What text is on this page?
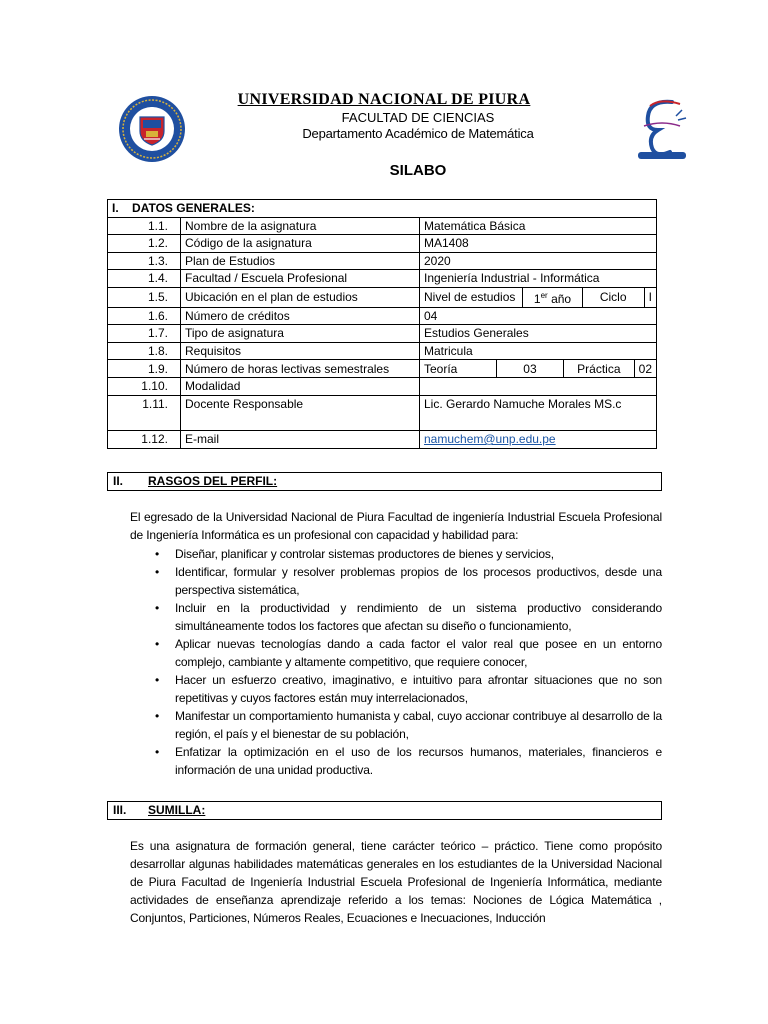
UNIVERSIDAD NACIONAL DE PIURA
FACULTAD DE CIENCIAS
Departamento Académico de Matemática
SILABO
I. DATOS GENERALES:
1.1.	Nombre de la asignatura	Matemática Básica
1.2.	Código de la asignatura	MA1408
1.3.	Plan de Estudios	2020
1.4.	Facultad / Escuela Profesional	Ingeniería Industrial - Informática
1.5.	Ubicación en el plan de estudios		Nivel de estudios	1er año	Ciclo	I

1.6.	Número de créditos	04
1.7.	Tipo de asignatura	Estudios Generales
1.8.	Requisitos	Matricula
1.9.	Número de horas lectivas semestrales		Teoría	03	Práctica	02

1.10.	Modalidad	
1.11.	Docente Responsable	Lic. Gerardo Namuche Morales MS.c
1.12.	E-mail	namuchem@unp.edu.pe
II. RASGOS DEL PERFIL:
El egresado de la Universidad Nacional de Piura Facultad de ingeniería Industrial Escuela Profesional de Ingeniería Informática es un profesional con capacidad y habilidad para:
• Diseñar, planificar y controlar sistemas productores de bienes y servicios,
• Identificar, formular y resolver problemas propios de los procesos productivos, desde una perspectiva sistemática,
• Incluir en la productividad y rendimiento de un sistema productivo considerando simultáneamente todos los factores que afectan su diseño o funcionamiento,
• Aplicar nuevas tecnologías dando a cada factor el valor real que posee en un entorno complejo, cambiante y altamente competitivo, que requiere conocer,
• Hacer un esfuerzo creativo, imaginativo, e intuitivo para afrontar situaciones que no son repetitivas y cuyos factores están muy interrelacionados,
• Manifestar un comportamiento humanista y cabal, cuyo accionar contribuye al desarrollo de la región, el país y el bienestar de su población,
• Enfatizar la optimización en el uso de los recursos humanos, materiales, financieros e información de una unidad productiva.
III. SUMILLA:
Es una asignatura de formación general, tiene carácter teórico – práctico. Tiene como propósito desarrollar algunas habilidades matemáticas generales en los estudiantes de la Universidad Nacional de Piura Facultad de Ingeniería Industrial Escuela Profesional de Ingeniería Informática, mediante actividades de enseñanza aprendizaje referido a los temas: Nociones de Lógica Matemática , Conjuntos, Particiones, Números Reales, Ecuaciones e Inecuaciones, Inducción
